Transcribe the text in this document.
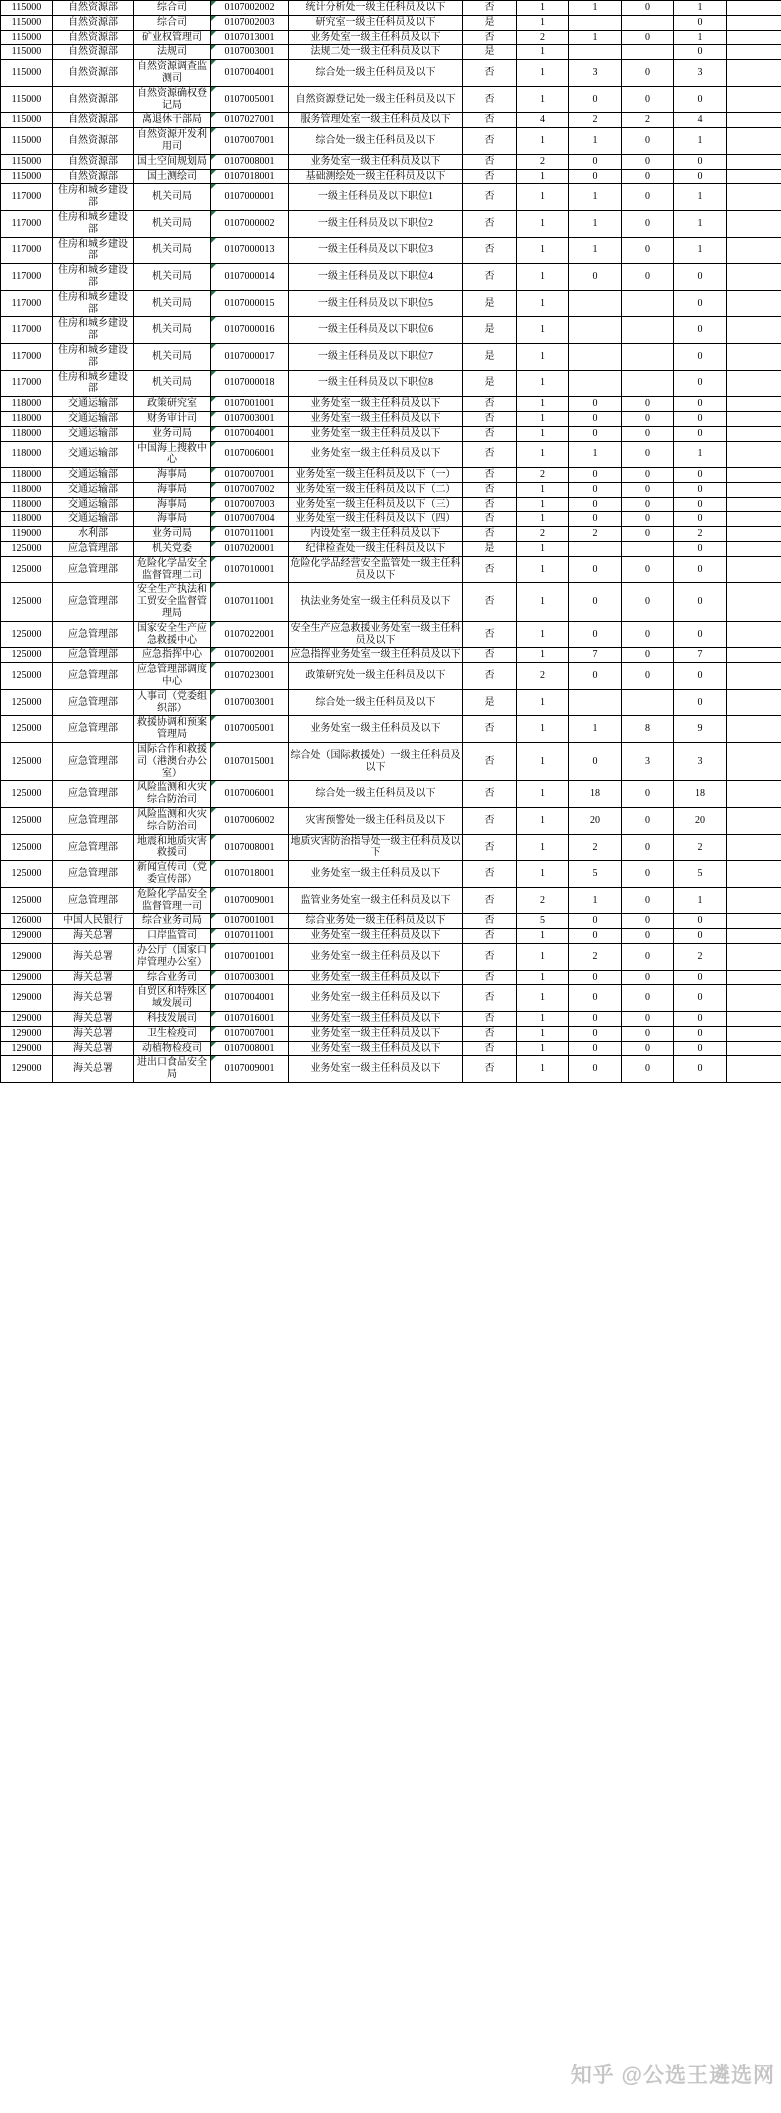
115000	自然资源部	综合司	0107002002	统计分析处一级主任科员及以下	否	1	1	0	1	
115000	自然资源部	综合司	0107002003	研究室一级主任科员及以下	是	1			0	
115000	自然资源部	矿业权管理司	0107013001	业务处室一级主任科员及以下	否	2	1	0	1	
115000	自然资源部	法规司	0107003001	法规二处一级主任科员及以下	是	1			0	
115000	自然资源部	自然资源调查监测司	0107004001	综合处一级主任科员及以下	否	1	3	0	3	
115000	自然资源部	自然资源确权登记局	0107005001	自然资源登记处一级主任科员及以下	否	1	0	0	0	
115000	自然资源部	离退休干部局	0107027001	服务管理处室一级主任科员及以下	否	4	2	2	4	
115000	自然资源部	自然资源开发利用司	0107007001	综合处一级主任科员及以下	否	1	1	0	1	
115000	自然资源部	国土空间规划局	0107008001	业务处室一级主任科员及以下	否	2	0	0	0	
115000	自然资源部	国土测绘司	0107018001	基础测绘处一级主任科员及以下	否	1	0	0	0	
117000	住房和城乡建设部	机关司局	0107000001	一级主任科员及以下职位1	否	1	1	0	1	
117000	住房和城乡建设部	机关司局	0107000002	一级主任科员及以下职位2	否	1	1	0	1	
117000	住房和城乡建设部	机关司局	0107000013	一级主任科员及以下职位3	否	1	1	0	1	
117000	住房和城乡建设部	机关司局	0107000014	一级主任科员及以下职位4	否	1	0	0	0	
117000	住房和城乡建设部	机关司局	0107000015	一级主任科员及以下职位5	是	1			0	
117000	住房和城乡建设部	机关司局	0107000016	一级主任科员及以下职位6	是	1			0	
117000	住房和城乡建设部	机关司局	0107000017	一级主任科员及以下职位7	是	1			0	
117000	住房和城乡建设部	机关司局	0107000018	一级主任科员及以下职位8	是	1			0	
118000	交通运输部	政策研究室	0107001001	业务处室一级主任科员及以下	否	1	0	0	0	
118000	交通运输部	财务审计司	0107003001	业务处室一级主任科员及以下	否	1	0	0	0	
118000	交通运输部	业务司局	0107004001	业务处室一级主任科员及以下	否	1	0	0	0	
118000	交通运输部	中国海上搜救中心	0107006001	业务处室一级主任科员及以下	否	1	1	0	1	
118000	交通运输部	海事局	0107007001	业务处室一级主任科员及以下（一）	否	2	0	0	0	
118000	交通运输部	海事局	0107007002	业务处室一级主任科员及以下（二）	否	1	0	0	0	
118000	交通运输部	海事局	0107007003	业务处室一级主任科员及以下（三）	否	1	0	0	0	
118000	交通运输部	海事局	0107007004	业务处室一级主任科员及以下（四）	否	1	0	0	0	
119000	水利部	业务司局	0107011001	内设处室一级主任科员及以下	否	2	2	0	2	
125000	应急管理部	机关党委	0107020001	纪律检查处一级主任科员及以下	是	1			0	
125000	应急管理部	危险化学品安全监督管理二司	0107010001	危险化学品经营安全监管处一级主任科员及以下	否	1	0	0	0	
125000	应急管理部	安全生产执法和工贸安全监督管理局	0107011001	执法业务处室一级主任科员及以下	否	1	0	0	0	
125000	应急管理部	国家安全生产应急救援中心	0107022001	安全生产应急救援业务处室一级主任科员及以下	否	1	0	0	0	
125000	应急管理部	应急指挥中心	0107002001	应急指挥业务处室一级主任科员及以下	否	1	7	0	7	
125000	应急管理部	应急管理部调度中心	0107023001	政策研究处一级主任科员及以下	否	2	0	0	0	
125000	应急管理部	人事司（党委组织部）	0107003001	综合处一级主任科员及以下	是	1			0	
125000	应急管理部	救援协调和预案管理局	0107005001	业务处室一级主任科员及以下	否	1	1	8	9	
125000	应急管理部	国际合作和救援司（港澳台办公室）	0107015001	综合处（国际救援处）一级主任科员及以下	否	1	0	3	3	
125000	应急管理部	风险监测和火灾综合防治司	0107006001	综合处一级主任科员及以下	否	1	18	0	18	
125000	应急管理部	风险监测和火灾综合防治司	0107006002	灾害预警处一级主任科员及以下	否	1	20	0	20	
125000	应急管理部	地震和地质灾害救援司	0107008001	地质灾害防治指导处一级主任科员及以下	否	1	2	0	2	
125000	应急管理部	新闻宣传司（党委宣传部）	0107018001	业务处室一级主任科员及以下	否	1	5	0	5	
125000	应急管理部	危险化学品安全监督管理一司	0107009001	监管业务处室一级主任科员及以下	否	2	1	0	1	
126000	中国人民银行	综合业务司局	0107001001	综合业务处一级主任科员及以下	否	5	0	0	0	
129000	海关总署	口岸监管司	0107011001	业务处室一级主任科员及以下	否	1	0	0	0	
129000	海关总署	办公厅（国家口岸管理办公室）	0107001001	业务处室一级主任科员及以下	否	1	2	0	2	
129000	海关总署	综合业务司	0107003001	业务处室一级主任科员及以下	否	1	0	0	0	
129000	海关总署	自贸区和特殊区域发展司	0107004001	业务处室一级主任科员及以下	否	1	0	0	0	
129000	海关总署	科技发展司	0107016001	业务处室一级主任科员及以下	否	1	0	0	0	
129000	海关总署	卫生检疫司	0107007001	业务处室一级主任科员及以下	否	1	0	0	0	
129000	海关总署	动植物检疫司	0107008001	业务处室一级主任科员及以下	否	1	0	0	0	
129000	海关总署	进出口食品安全局	0107009001	业务处室一级主任科员及以下	否	1	0	0	0	
知乎 @公选王遴选网
